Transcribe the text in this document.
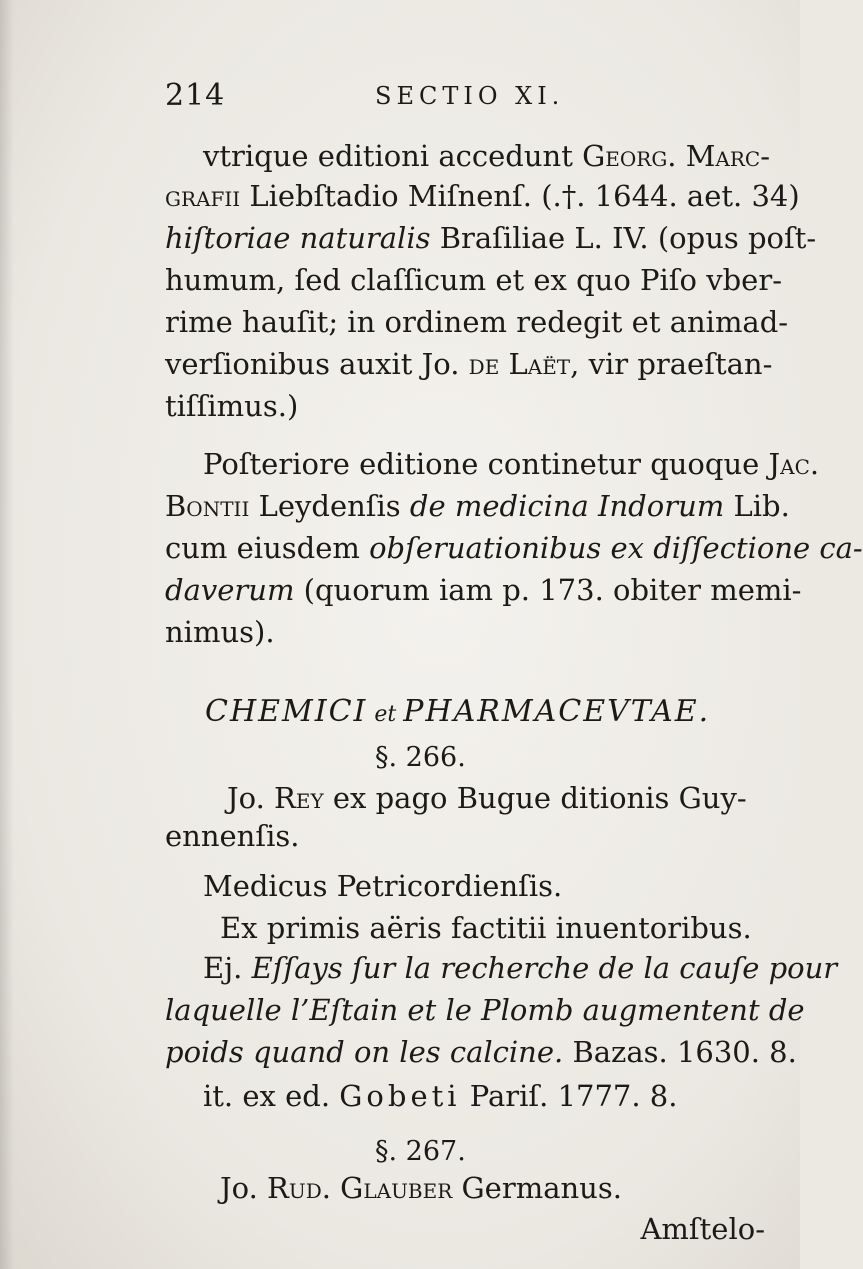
214	SECTIO XI.
vtrique editioni accedunt Georg. Marc-
grafii Liebſtadio Miſnenſ. (.†. 1644. aet. 34)
hiſtoriae naturalis Braſiliae L. IV. (opus poſt-
humum, ſed claſſicum et ex quo Piſo vber-
rime hauſit; in ordinem redegit et animad-
verſionibus auxit Jo. de Laët, vir praeſtan-
tiſſimus.)
Poſteriore editione continetur quoque Jac.
Bontii Leydenſis de medicina Indorum Lib.
cum eiusdem obſeruationibus ex diſſectione ca-
daverum (quorum iam p. 173. obiter memi-
nimus).
CHEMICI et PHARMACEVTAE.
§. 266.
Jo. Rey ex pago Bugue ditionis Guy-
ennenſis.
Medicus Petricordienſis.
Ex primis aëris factitii inuentoribus.
Ej. Eſſays ſur la recherche de la cauſe pour
laquelle l’Eſtain et le Plomb augmentent de
poids quand on les calcine. Bazas. 1630. 8.
it. ex ed. Gobeti Pariſ. 1777. 8.
§. 267.
Jo. Rud. Glauber Germanus.
Amſtelo-
